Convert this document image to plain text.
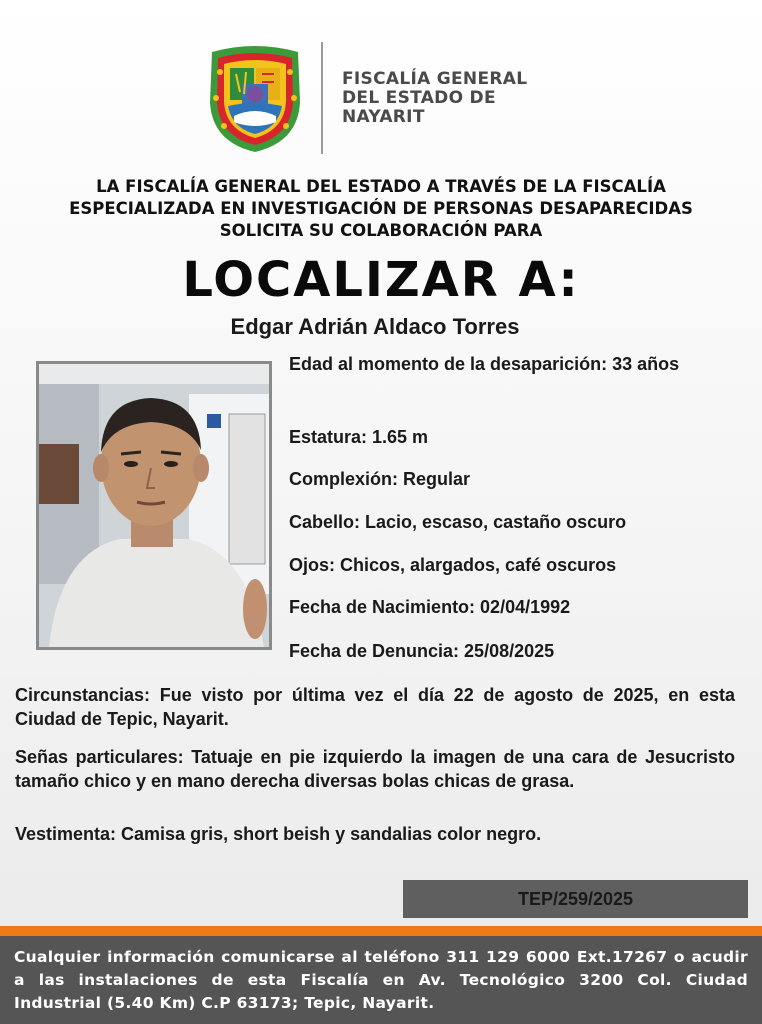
FISCALÍA GENERAL
DEL ESTADO DE
NAYARIT
LA FISCALÍA GENERAL DEL ESTADO A TRAVÉS DE LA FISCALÍA
ESPECIALIZADA EN INVESTIGACIÓN DE PERSONAS DESAPARECIDAS
SOLICITA SU COLABORACIÓN PARA
LOCALIZAR A:
Edgar Adrián Aldaco Torres
Edad al momento de la desaparición: 33 años
Estatura: 1.65 m
Complexión: Regular
Cabello: Lacio, escaso, castaño oscuro
Ojos: Chicos, alargados, café oscuros
Fecha de Nacimiento: 02/04/1992
Fecha de Denuncia: 25/08/2025
Circunstancias: Fue visto por última vez el día 22 de agosto de 2025, en esta Ciudad de Tepic, Nayarit.
Señas particulares: Tatuaje en pie izquierdo la imagen de una cara de Jesucristo tamaño chico y en mano derecha diversas bolas chicas de grasa.
Vestimenta: Camisa gris, short beish y sandalias color negro.
TEP/259/2025
Cualquier información comunicarse al teléfono 311 129 6000 Ext.17267 o acudir a las instalaciones de esta Fiscalía en Av. Tecnológico 3200 Col. Ciudad Industrial (5.40 Km) C.P 63173; Tepic, Nayarit.
